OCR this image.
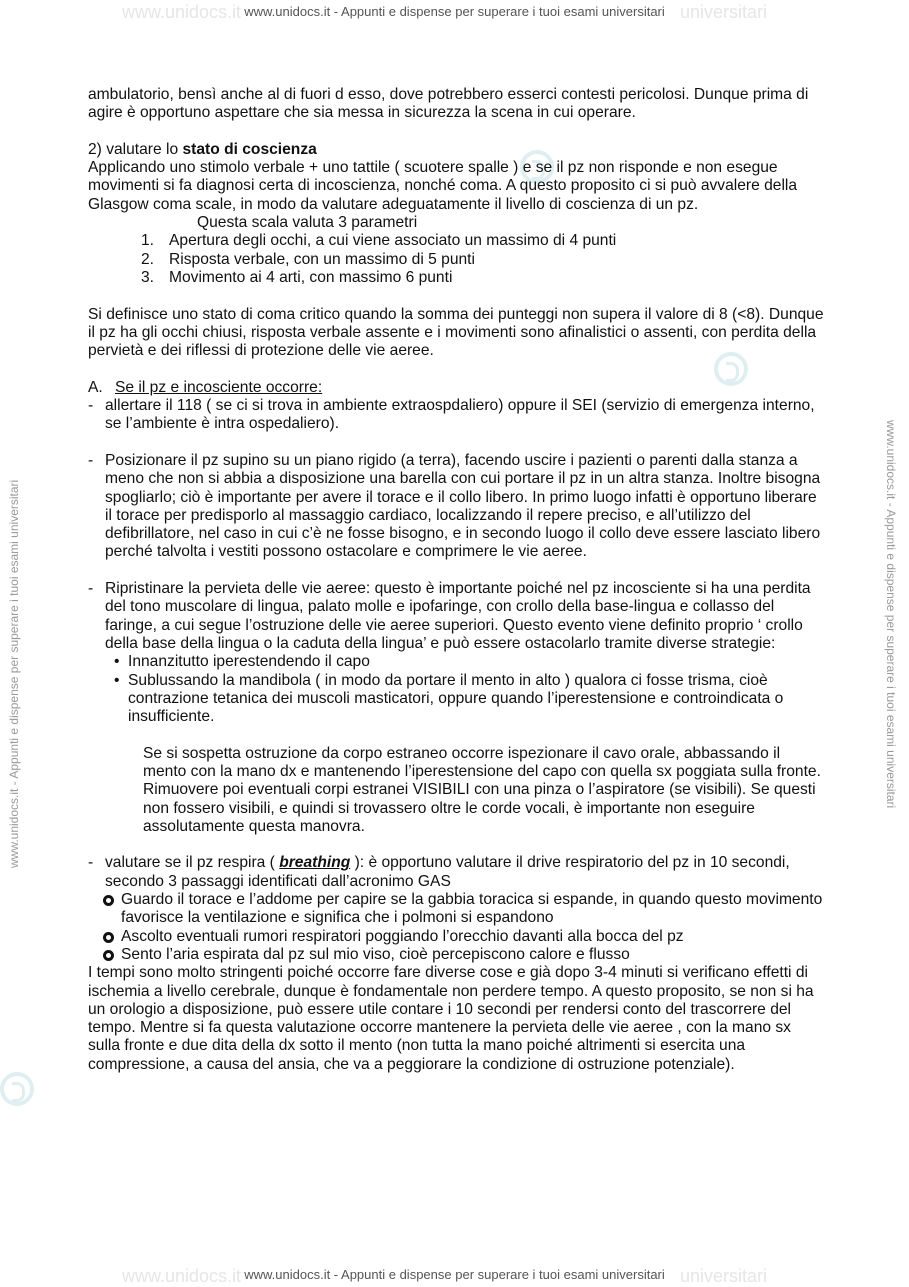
www.unidocs.it	universitari
www.unidocs.it - Appunti e dispense per superare i tuoi esami universitari
www.unidocs.it - Appunti e dispense per superare i tuoi esami universitari	www.unidocs.it - Appunti e dispense per superare i tuoi esami universitari
www.unidocs.it	universitari
www.unidocs.it - Appunti e dispense per superare i tuoi esami universitari

ambulatorio, bensì anche al di fuori d esso, dove potrebbero esserci contesti pericolosi. Dunque prima di agire è opportuno aspettare che sia messa in sicurezza la scena in cui operare.

2) valutare lo stato di coscienza

Applicando uno stimolo verbale + uno tattile ( scuotere spalle ) e se il pz non risponde e non esegue movimenti si fa diagnosi certa di incoscienza, nonché coma. A questo proposito ci si può avvalere della Glasgow coma scale, in modo da valutare adeguatamente il livello di coscienza di un pz.

Questa scala valuta 3 parametri

1. Apertura degli occhi, a cui viene associato un massimo di 4 punti
2. Risposta verbale, con un massimo di 5 punti
3. Movimento ai 4 arti, con massimo 6 punti

Si definisce uno stato di coma critico quando la somma dei punteggi non supera il valore di 8 (<8). Dunque il pz ha gli occhi chiusi, risposta verbale assente e i movimenti sono afinalistici o assenti, con perdita della pervietà e dei riflessi di protezione delle vie aeree.

A. Se il pz e incosciente occorre:
- allertare il 118 ( se ci si trova in ambiente extraospdaliero) oppure il SEI (servizio di emergenza interno, se l’ambiente è intra ospedaliero).
- Posizionare il pz supino su un piano rigido (a terra), facendo uscire i pazienti o parenti dalla stanza a meno che non si abbia a disposizione una barella con cui portare il pz in un altra stanza. Inoltre bisogna spogliarlo; ciò è importante per avere il torace e il collo libero. In primo luogo infatti è opportuno liberare il torace per predisporlo al massaggio cardiaco, localizzando il repere preciso, e all’utilizzo del defibrillatore, nel caso in cui c’è ne fosse bisogno, e in secondo luogo il collo deve essere lasciato libero perché talvolta i vestiti possono ostacolare e comprimere le vie aeree.
- Ripristinare la pervieta delle vie aeree: questo è importante poiché nel pz incosciente si ha una perdita del tono muscolare di lingua, palato molle e ipofaringe, con crollo della base-lingua e collasso del faringe, a cui segue l’ostruzione delle vie aeree superiori. Questo evento viene definito proprio ‘ crollo della base della lingua o la caduta della lingua’ e può essere ostacolarlo tramite diverse strategie:
• Innanzitutto iperestendendo il capo
• Sublussando la mandibola ( in modo da portare il mento in alto ) qualora ci fosse trisma, cioè contrazione tetanica dei muscoli masticatori, oppure quando l’iperestensione e controindicata o insufficiente.

Se si sospetta ostruzione da corpo estraneo occorre ispezionare il cavo orale, abbassando il mento con la mano dx e mantenendo l’iperestensione del capo con quella sx poggiata sulla fronte. Rimuovere poi eventuali corpi estranei VISIBILI con una pinza o l’aspiratore (se visibili). Se questi non fossero visibili, e quindi si trovassero oltre le corde vocali, è importante non eseguire assolutamente questa manovra.

- valutare se il pz respira ( breathing ): è opportuno valutare il drive respiratorio del pz in 10 secondi, secondo 3 passaggi identificati dall’acronimo GAS
Guardo il torace e l’addome per capire se la gabbia toracica si espande, in quando questo movimento favorisce la ventilazione e significa che i polmoni si espandono
Ascolto eventuali rumori respiratori poggiando l’orecchio davanti alla bocca del pz
Sento l’aria espirata dal pz sul mio viso, cioè percepiscono calore e flusso

I tempi sono molto stringenti poiché occorre fare diverse cose e già dopo 3-4 minuti si verificano effetti di ischemia a livello cerebrale, dunque è fondamentale non perdere tempo. A questo proposito, se non si ha un orologio a disposizione, può essere utile contare i 10 secondi per rendersi conto del trascorrere del tempo. Mentre si fa questa valutazione occorre mantenere la pervieta delle vie aeree , con la mano sx sulla fronte e due dita della dx sotto il mento (non tutta la mano poiché altrimenti si esercita una compressione, a causa del ansia, che va a peggiorare la condizione di ostruzione potenziale).
